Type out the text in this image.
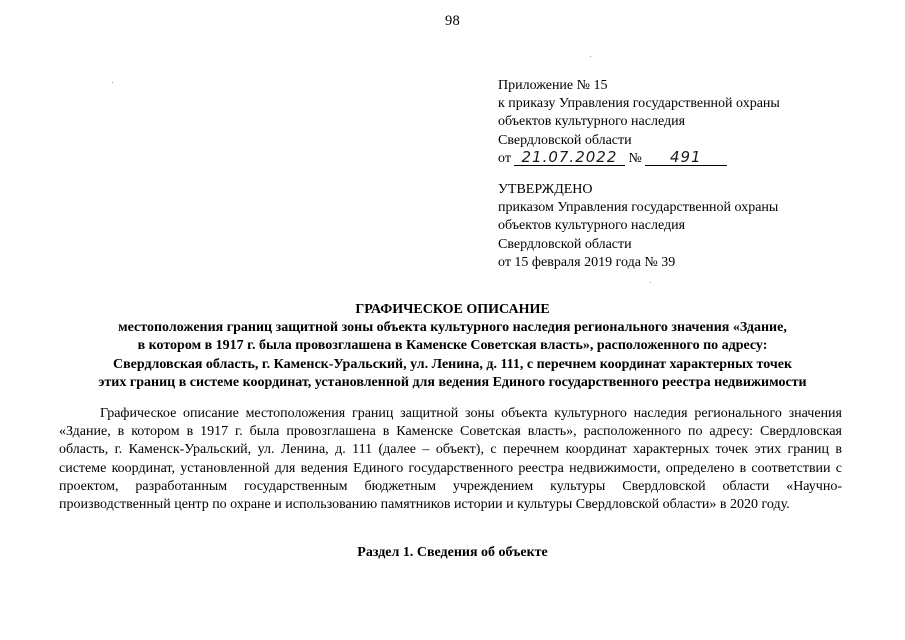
98
Приложение № 15
к приказу Управления государственной охраны
объектов культурного наследия
Свердловской области
от 21.07.2022 № 491
УТВЕРЖДЕНО
приказом Управления государственной охраны
объектов культурного наследия
Свердловской области
от 15 февраля 2019 года № 39
ГРАФИЧЕСКОЕ ОПИСАНИЕ
местоположения границ защитной зоны объекта культурного наследия регионального значения «Здание,
в котором в 1917 г. была провозглашена в Каменске Советская власть», расположенного по адресу:
Свердловская область, г. Каменск-Уральский, ул. Ленина, д. 111, с перечнем координат характерных точек
этих границ в системе координат, установленной для ведения Единого государственного реестра недвижимости
Графическое описание местоположения границ защитной зоны объекта культурного наследия регионального значения «Здание, в котором в 1917 г. была провозглашена в Каменске Советская власть», расположенного по адресу: Свердловская область, г. Каменск-Уральский, ул. Ленина, д. 111 (далее – объект), с перечнем координат характерных точек этих границ в системе координат, установленной для ведения Единого государственного реестра недвижимости, определено в соответствии с проектом, разработанным государственным бюджетным учреждением культуры Свердловской области «Научно-производственный центр по охране и использованию памятников истории и культуры Свердловской области» в 2020 году.
Раздел 1. Сведения об объекте
